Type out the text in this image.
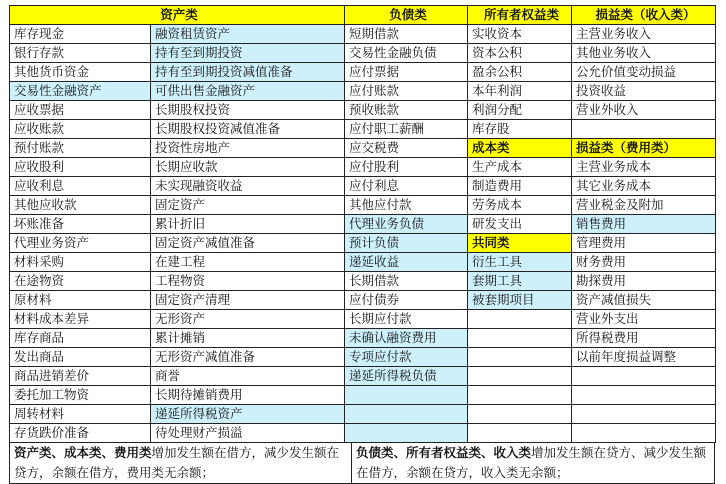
资产类		负债类	所有者权益类	损益类（收入类）
库存现金	融资租赁资产	短期借款	实收资本	主营业务收入
银行存款	持有至到期投资	交易性金融负债	资本公积	其他业务收入
其他货币资金	持有至到期投资减值准备	应付票据	盈余公积	公允价值变动损益
交易性金融资产	可供出售金融资产	应付账款	本年利润	投资收益
应收票据	长期股权投资	预收账款	利润分配	营业外收入
应收账款	长期股权投资减值准备	应付职工薪酬	库存股	
预付账款	投资性房地产	应交税费	成本类	损益类（费用类）
应收股利	长期应收款	应付股利	生产成本	主营业务成本
应收利息	未实现融资收益	应付利息	制造费用	其它业务成本
其他应收款	固定资产	其他应付款	劳务成本	营业税金及附加
坏账准备	累计折旧	代理业务负债	研发支出	销售费用
代理业务资产	固定资产减值准备	预计负债	共同类	管理费用
材料采购	在建工程	递延收益	衍生工具	财务费用
在途物资	工程物资	长期借款	套期工具	勘探费用
原材料	固定资产清理	应付债券	被套期项目	资产减值损失
材料成本差异	无形资产	长期应付款		营业外支出
库存商品	累计摊销	未确认融资费用		所得税费用
发出商品	无形资产减值准备	专项应付款		以前年度损益调整
商品进销差价	商誉	递延所得税负债		
委托加工物资	长期待摊销费用			
周转材料	递延所得税资产			
存货跌价准备	待处理财产损溢			
资产类、成本类、费用类增加发生额在借方，减少发生额在贷方，余额在借方，费用类无余额；
负债类、所有者权益类、收入类增加发生额在贷方、减少发生额在借方，余额在贷方，收入类无余额；
